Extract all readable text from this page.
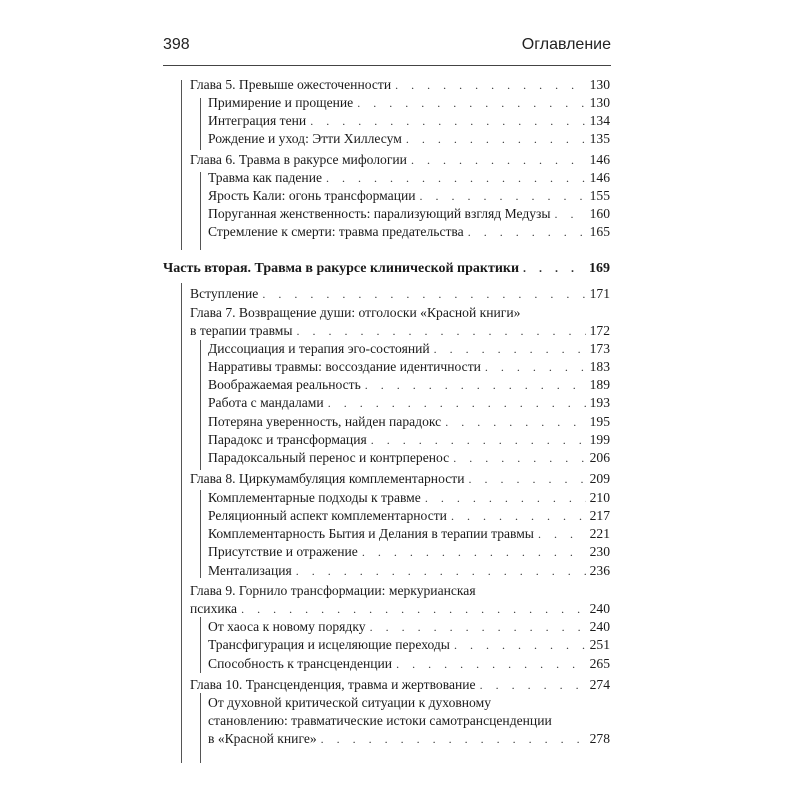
398	Оглавление
Глава 5. Превыше ожесточенности . . .	130
Примирение и прощение . . .	130
Интеграция тени . . .	134
Рождение и уход: Этти Хиллесум . . .	135
Глава 6. Травма в ракурсе мифологии . . .	146
Травма как падение . . .	146
Ярость Кали: огонь трансформации . . .	155
Поруганная женственность: парализующий взгляд Медузы . . .	160
Стремление к смерти: травма предательства . . .	165
Часть вторая. Травма в ракурсе клинической практики . . .	169
Вступление . . .	171
Глава 7. Возвращение души: отголоски «Красной книги»
в терапии травмы . . .	172
Диссоциация и терапия эго-состояний . . .	173
Нарративы травмы: воссоздание идентичности . . .	183
Воображаемая реальность . . .	189
Работа с мандалами . . .	193
Потеряна уверенность, найден парадокс . . .	195
Парадокс и трансформация . . .	199
Парадоксальный перенос и контрперенос . . .	206
Глава 8. Циркумамбуляция комплементарности . . .	209
Комплементарные подходы к травме . . .	210
Реляционный аспект комплементарности . . .	217
Комплементарность Бытия и Делания в терапии травмы . . .	221
Присутствие и отражение . . .	230
Ментализация . . .	236
Глава 9. Горнило трансформации: меркурианская
психика . . .	240
От хаоса к новому порядку . . .	240
Трансфигурация и исцеляющие переходы . . .	251
Способность к трансценденции . . .	265
Глава 10. Трансценденция, травма и жертвование . . .	274
От духовной критической ситуации к духовному
становлению: травматические истоки самотрансценденции
в «Красной книге» . . .	278
